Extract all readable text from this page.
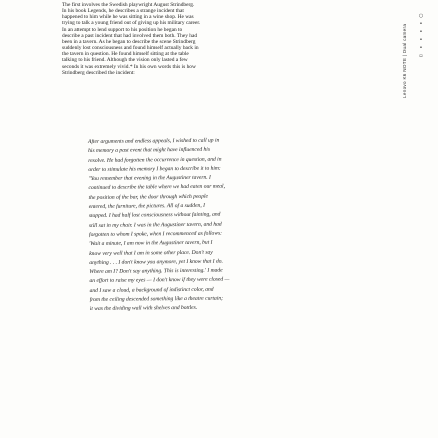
The first involves the Swedish playwright August Strindberg.
In his book Legends, he describes a strange incident that
happened to him while he was sitting in a wine shop. He was
trying to talk a young friend out of giving up his military career.
In an attempt to lend support to his position he began to
describe a past incident that had involved them both. They had
been in a tavern. As he began to describe the scene Strindberg
suddenly lost consciousness and found himself actually back in
the tavern in question. He found himself sitting at the table
talking to his friend. Although the vision only lasted a few
seconds it was extremely vivid.* In his own words this is how
Strindberg described the incident:
After arguments and endless appeals, I wished to call up in
his memory a past event that might have influenced his
resolve. He had forgotten the occurrence in question, and in
order to stimulate his memory I began to describe it to him:
"You remember that evening in the Augustiner tavern. I
continued to describe the table where we had eaten our meal,
the position of the bar, the door through which people
entered, the furniture, the pictures. All of a sudden, I
stopped. I had half lost consciousness without fainting, and
still sat in my chair. I was in the Augustiner tavern, and had
forgotten to whom I spoke, when I recommenced as follows:
'Wait a minute, I am now in the Augustiner tavern, but I
know very well that I am in some other place. Don't say
anything . . . I don't know you anymore, yet I know that I do.
Where am I? Don't say anything. This is interesting.' I made
an effort to raise my eyes — I don't know if they were closed —
and I saw a cloud, a background of indistinct color, and
from the ceiling descended something like a theatre curtain;
it was the dividing wall with shelves and bottles.
Lenovo K6 NOTE | Dual camera
○
•
•
•
•
▫
